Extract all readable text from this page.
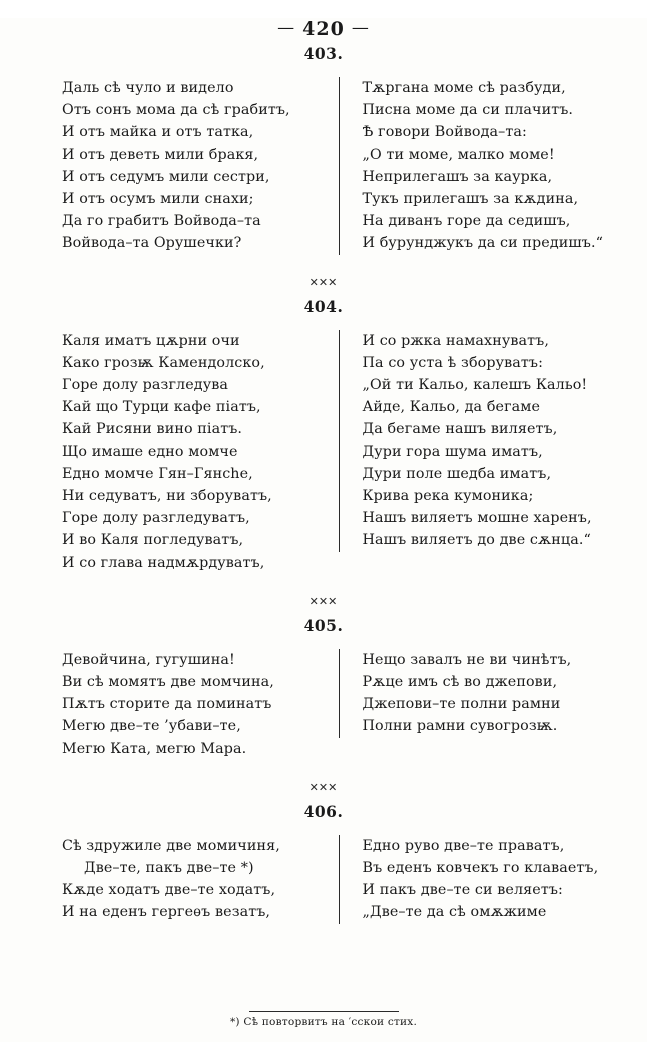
— 420 —
403.
Даль сѣ чуло и видело
Отъ сонъ мома да сѣ грабитъ,
И отъ майка и отъ татка,
И отъ деветь мили бракя,
И отъ седумъ мили сестри,
И отъ осумъ мили снахи;
Да го грабитъ Войвода–та
Войвода–та Орушечки?
Тѫргана моме сѣ разбуди,
Писна моме да си плачитъ.
Ѣ говори Войвода–та:
„О ти моме, малко моме!
Неприлегашъ за каурка,
Тукъ прилегашъ за кѫдина,
На диванъ горе да седишъ,
И бурунджукъ да си предишъ.“
✕✕✕
404.
Каля иматъ цѫрни очи
Како грозѭ Камендолско,
Горе долу разгледува
Кай що Турци кафе піатъ,
Кай Рисяни вино піатъ.
Що имаше едно момче
Едно момче Гян–Гянche,
Ни седуватъ, ни зборуватъ,
Горе долу разгледуватъ,
И во Каля погледуватъ,
И со глава надмѫрдуватъ,
И со ржка намахнуватъ,
Па со уста ѣ зборуватъ:
„Ой ти Кальо, калешъ Кальо!
Айде, Кальо, да бегаме
Да бегаме нашъ виляетъ,
Дури гора шума иматъ,
Дури поле шедба иматъ,
Крива река кумоника;
Нашъ виляетъ мошне харенъ,
Нашъ виляетъ до две сѫнца.“
✕✕✕
405.
Девойчина, гугушина!
Ви сѣ момятъ две момчина,
Пѫтъ сторите да поминатъ
Мегю две–те ’убави–те,
Мегю Ката, мегю Мара.
Нещо завалъ не ви чинѣтъ,
Рѫце имъ сѣ во джепови,
Джепови–те полни рамни
Полни рамни сувогрозѭ.
✕✕✕
406.
Сѣ здружиле две момичиня,
Две–те, пакъ две–те *)
Кѫде ходатъ две–те ходатъ,
И на еденъ гергеѳъ везатъ,
Едно руво две–те праватъ,
Въ еденъ ковчекъ го клаваетъ,
И пакъ две–те си веляетъ:
„Две–те да сѣ омѫжиме
*) Сѣ повторвитъ на ′сскои стих.
